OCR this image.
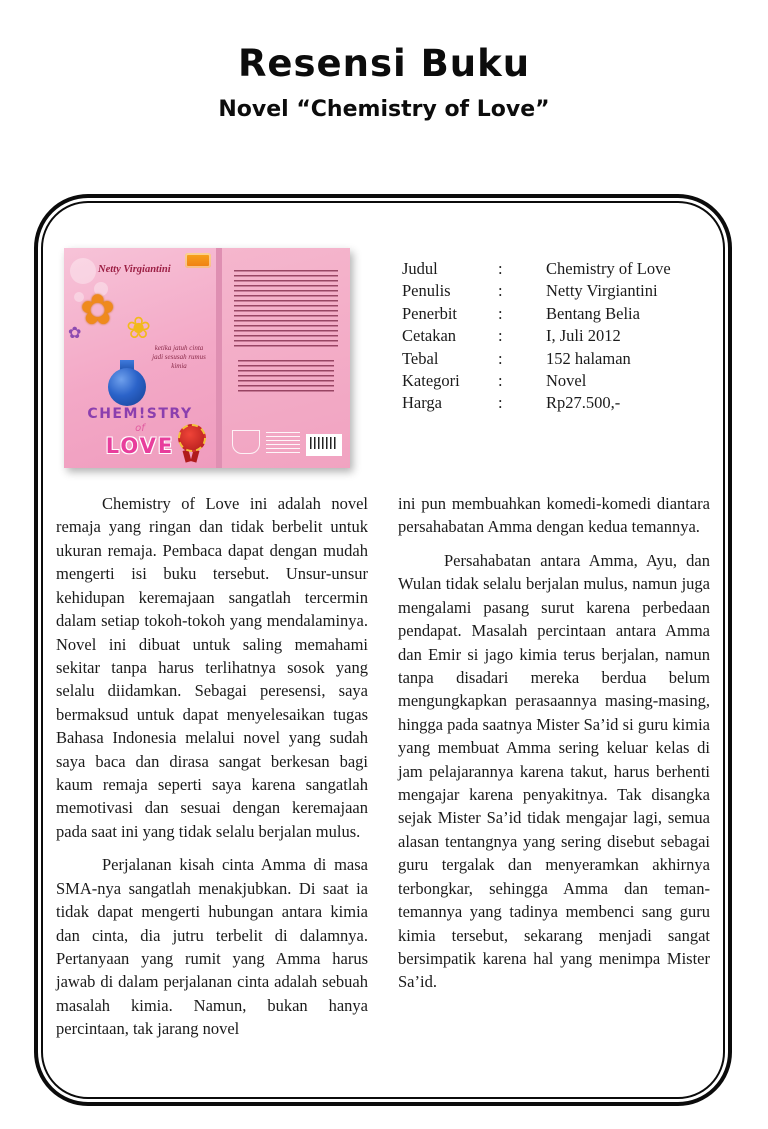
Resensi Buku
Novel “Chemistry of Love”
Netty Virgiantini
✿ ❀
✿
ketika jatuh cinta jadi sesusah rumus kimia
CHEM!STRY
of
LOVE
Judul	:	Chemistry of Love
Penulis	:	Netty Virgiantini
Penerbit	:	Bentang Belia
Cetakan	:	I, Juli 2012
Tebal	:	152 halaman
Kategori	:	Novel
Harga	:	Rp27.500,-

Chemistry of Love ini adalah novel remaja yang ringan dan tidak berbelit untuk ukuran remaja. Pembaca dapat dengan mudah mengerti isi buku tersebut. Unsur-unsur kehidupan keremajaan sangatlah tercermin dalam setiap tokoh-tokoh yang mendalaminya. Novel ini dibuat untuk saling memahami sekitar tanpa harus terlihatnya sosok yang selalu diidamkan. Sebagai peresensi, saya bermaksud untuk dapat menyelesaikan tugas Bahasa Indonesia melalui novel yang sudah saya baca dan dirasa sangat berkesan bagi kaum remaja seperti saya karena sangatlah memotivasi dan sesuai dengan keremajaan pada saat ini yang tidak selalu berjalan mulus.

Perjalanan kisah cinta Amma di masa SMA-nya sangatlah menakjubkan. Di saat ia tidak dapat mengerti hubungan antara kimia dan cinta, dia jutru terbelit di dalamnya. Pertanyaan yang rumit yang Amma harus jawab di dalam perjalanan cinta adalah sebuah masalah kimia. Namun, bukan hanya percintaan, tak jarang novel

ini pun membuahkan komedi-komedi diantara persahabatan Amma dengan kedua temannya.

Persahabatan antara Amma, Ayu, dan Wulan tidak selalu berjalan mulus, namun juga mengalami pasang surut karena perbedaan pendapat. Masalah percintaan antara Amma dan Emir si jago kimia terus berjalan, namun tanpa disadari mereka berdua belum mengungkapkan perasaannya masing-masing, hingga pada saatnya Mister Sa’id si guru kimia yang membuat Amma sering keluar kelas di jam pelajarannya karena takut, harus berhenti mengajar karena penyakitnya. Tak disangka sejak Mister Sa’id tidak mengajar lagi, semua alasan tentangnya yang sering disebut sebagai guru tergalak dan menyeramkan akhirnya terbongkar, sehingga Amma dan teman-temannya yang tadinya membenci sang guru kimia tersebut, sekarang menjadi sangat bersimpatik karena hal yang menimpa Mister Sa’id.
